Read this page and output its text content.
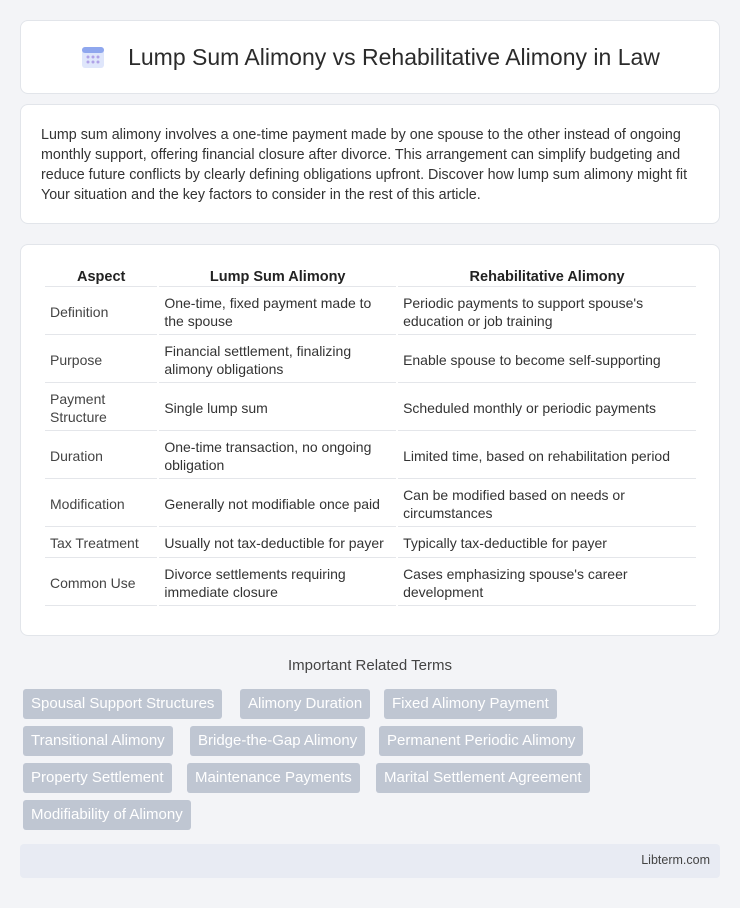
Lump Sum Alimony vs Rehabilitative Alimony in Law

Lump sum alimony involves a one-time payment made by one spouse to the other instead of ongoing monthly support, offering financial closure after divorce. This arrangement can simplify budgeting and reduce future conflicts by clearly defining obligations upfront. Discover how lump sum alimony might fit Your situation and the key factors to consider in the rest of this article.

Aspect	Lump Sum Alimony	Rehabilitative Alimony
Definition	One-time, fixed payment made to the spouse	Periodic payments to support spouse's education or job training
Purpose	Financial settlement, finalizing alimony obligations	Enable spouse to become self-supporting
Payment Structure	Single lump sum	Scheduled monthly or periodic payments
Duration	One-time transaction, no ongoing obligation	Limited time, based on rehabilitation period
Modification	Generally not modifiable once paid	Can be modified based on needs or circumstances
Tax Treatment	Usually not tax-deductible for payer	Typically tax-deductible for payer
Common Use	Divorce settlements requiring immediate closure	Cases emphasizing spouse's career development
Important Related Terms
Spousal Support Structures	Alimony Duration	Fixed Alimony Payment
Transitional Alimony	Bridge-the-Gap Alimony	Permanent Periodic Alimony
Property Settlement	Maintenance Payments	Marital Settlement Agreement
Modifiability of Alimony
Libterm.com
